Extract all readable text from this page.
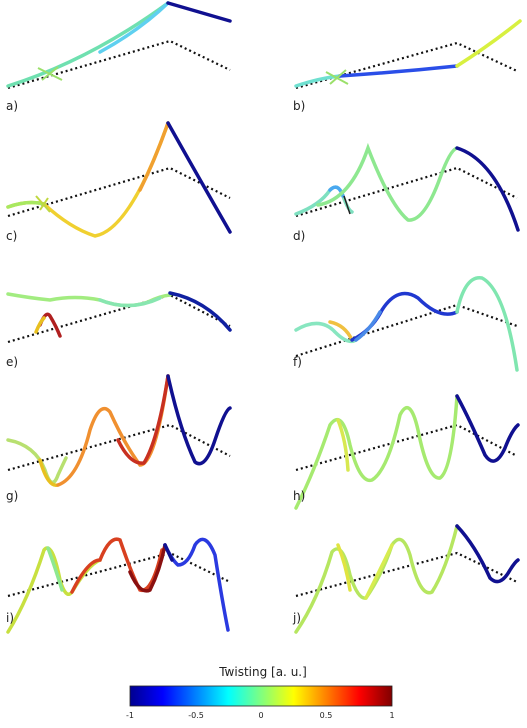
a)	b)
c)	d)
e)	f)
g)	h)
i)	j)
Twisting [a. u.]
-1	-0.5	0	0.5	1
